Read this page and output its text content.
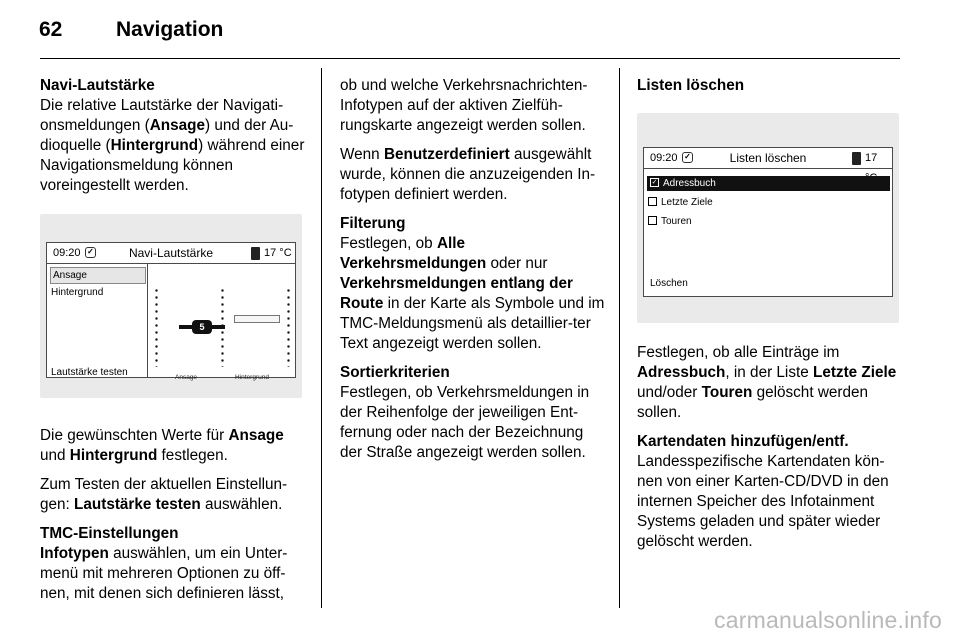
62	Navigation

Navi-Lautstärke

Die relative Lautstärke der Navigati-onsmeldungen (Ansage) und der Au-dioquelle (Hintergrund) während einer Navigationsmeldung können voreingestellt werden.

09:20 ✓	Navi-Lautstärke	17 °C
Ansage
Hintergrund
Lautstärke testen
5
Ansage	Hintergrund

Die gewünschten Werte für Ansage und Hintergrund festlegen.

Zum Testen der aktuellen Einstellun-gen: Lautstärke testen auswählen.

TMC-Einstellungen

Infotypen auswählen, um ein Unter-menü mit mehreren Optionen zu öff-nen, mit denen sich definieren lässt,

ob und welche Verkehrsnachrichten-Infotypen auf der aktiven Zielfüh-rungskarte angezeigt werden sollen.

Wenn Benutzerdefiniert ausgewählt wurde, können die anzuzeigenden In-fotypen definiert werden.

Filterung

Festlegen, ob Alle Verkehrsmeldungen oder nur Verkehrsmeldungen entlang der Route in der Karte als Symbole und im TMC-Meldungsmenü als detaillier-ter Text angezeigt werden sollen.

Sortierkriterien

Festlegen, ob Verkehrsmeldungen in der Reihenfolge der jeweiligen Ent-fernung oder nach der Bezeichnung der Straße angezeigt werden sollen.

Listen löschen

09:20 ✓	Listen löschen	17
✓ Adressbuch
Letzte Ziele
Touren
Löschen

Festlegen, ob alle Einträge im Adressbuch, in der Liste Letzte Ziele und/oder Touren gelöscht werden sollen.

Kartendaten hinzufügen/entf.

Landesspezifische Kartendaten kön-nen von einer Karten-CD/DVD in den internen Speicher des Infotainment Systems geladen und später wieder gelöscht werden.

carmanualsonline.info
